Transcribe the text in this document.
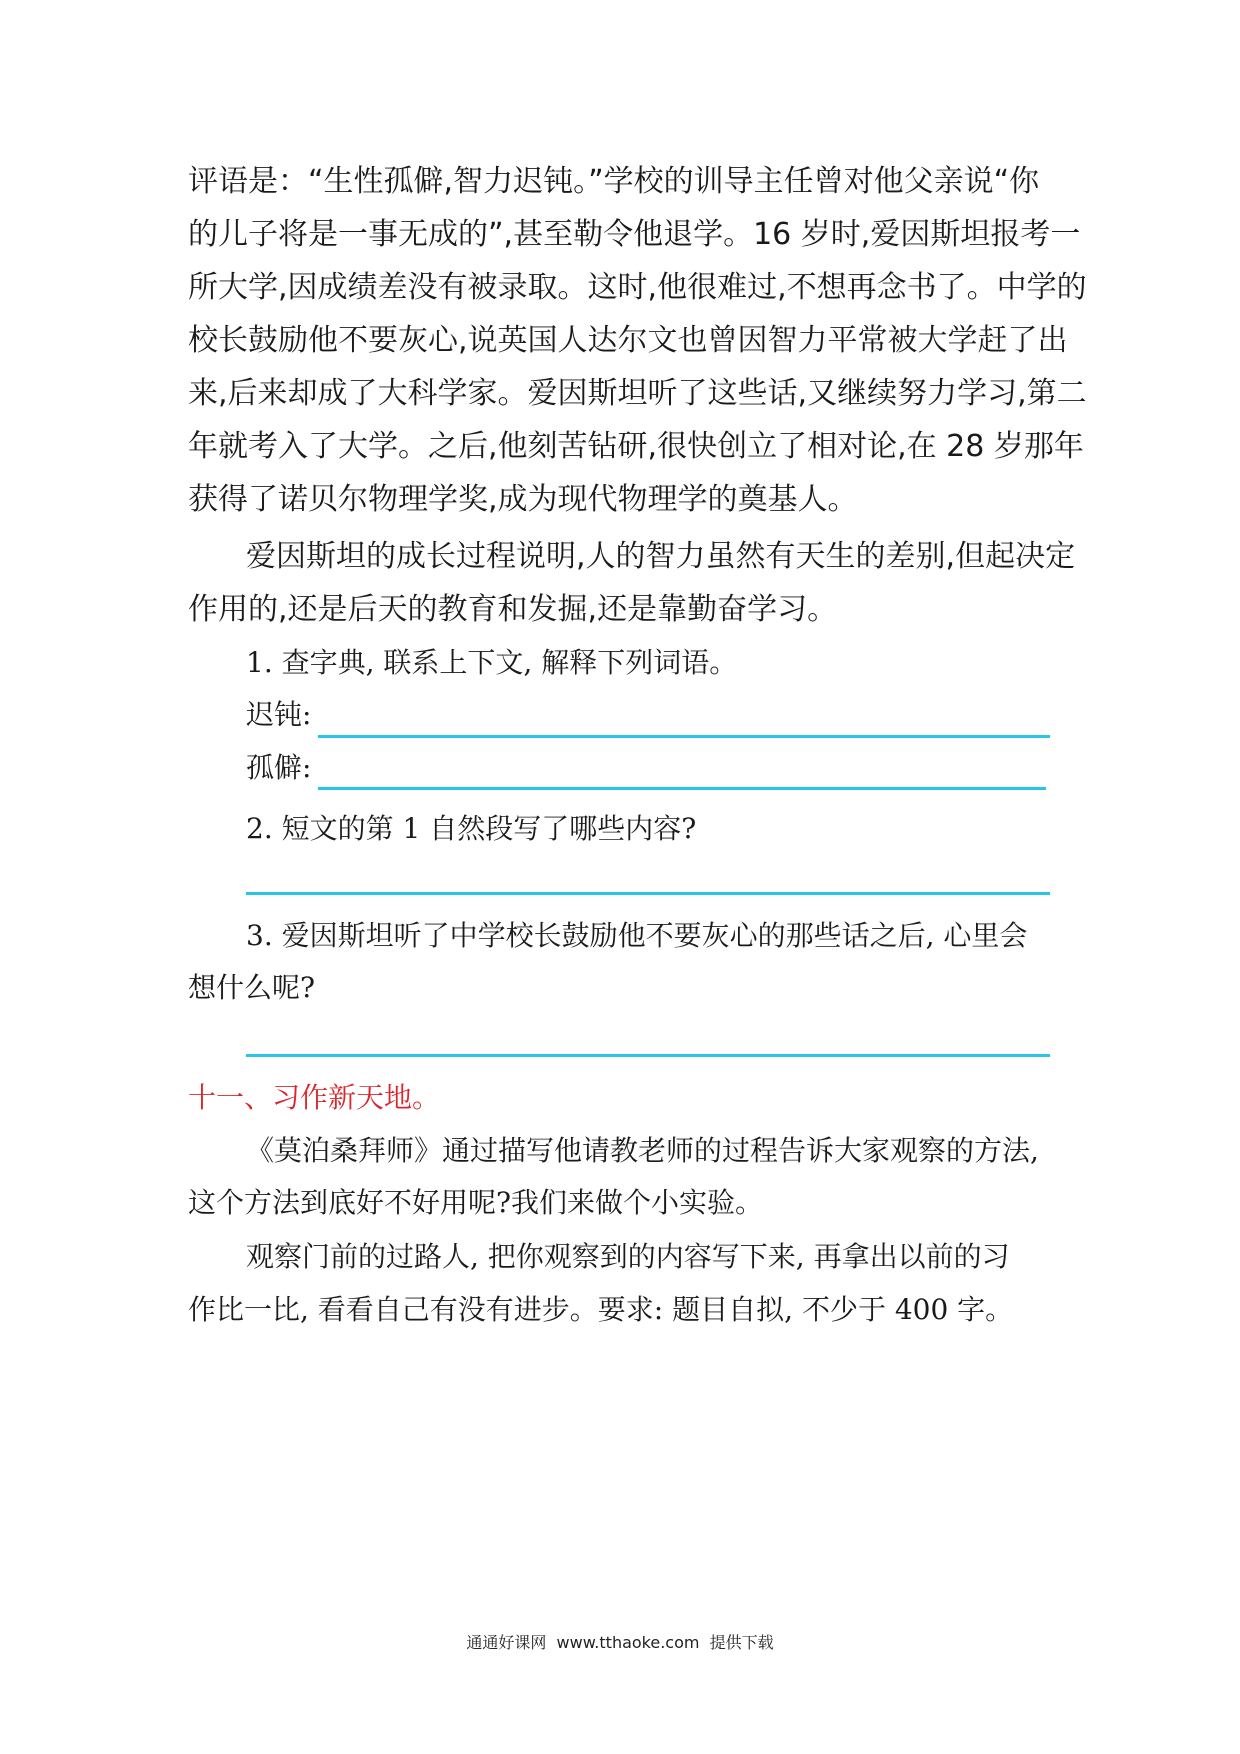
评语是：“生性孤僻,智力迟钝。”学校的训导主任曾对他父亲说“你
的儿子将是一事无成的”,甚至勒令他退学。16 岁时,爱因斯坦报考一
所大学,因成绩差没有被录取。这时,他很难过,不想再念书了。中学的
校长鼓励他不要灰心,说英国人达尔文也曾因智力平常被大学赶了出
来,后来却成了大科学家。爱因斯坦听了这些话,又继续努力学习,第二
年就考入了大学。之后,他刻苦钻研,很快创立了相对论,在 28 岁那年
获得了诺贝尔物理学奖,成为现代物理学的奠基人。
爱因斯坦的成长过程说明,人的智力虽然有天生的差别,但起决定
作用的,还是后天的教育和发掘,还是靠勤奋学习。
1. 查字典, 联系上下文, 解释下列词语。
迟钝:
孤僻:
2. 短文的第 1 自然段写了哪些内容?
3. 爱因斯坦听了中学校长鼓励他不要灰心的那些话之后, 心里会
想什么呢?
十一、习作新天地。
《莫泊桑拜师》通过描写他请教老师的过程告诉大家观察的方法,
这个方法到底好不好用呢?我们来做个小实验。
观察门前的过路人, 把你观察到的内容写下来, 再拿出以前的习
作比一比, 看看自己有没有进步。要求: 题目自拟, 不少于 400 字。
通通好课网 www.tthaoke.com 提供下载
